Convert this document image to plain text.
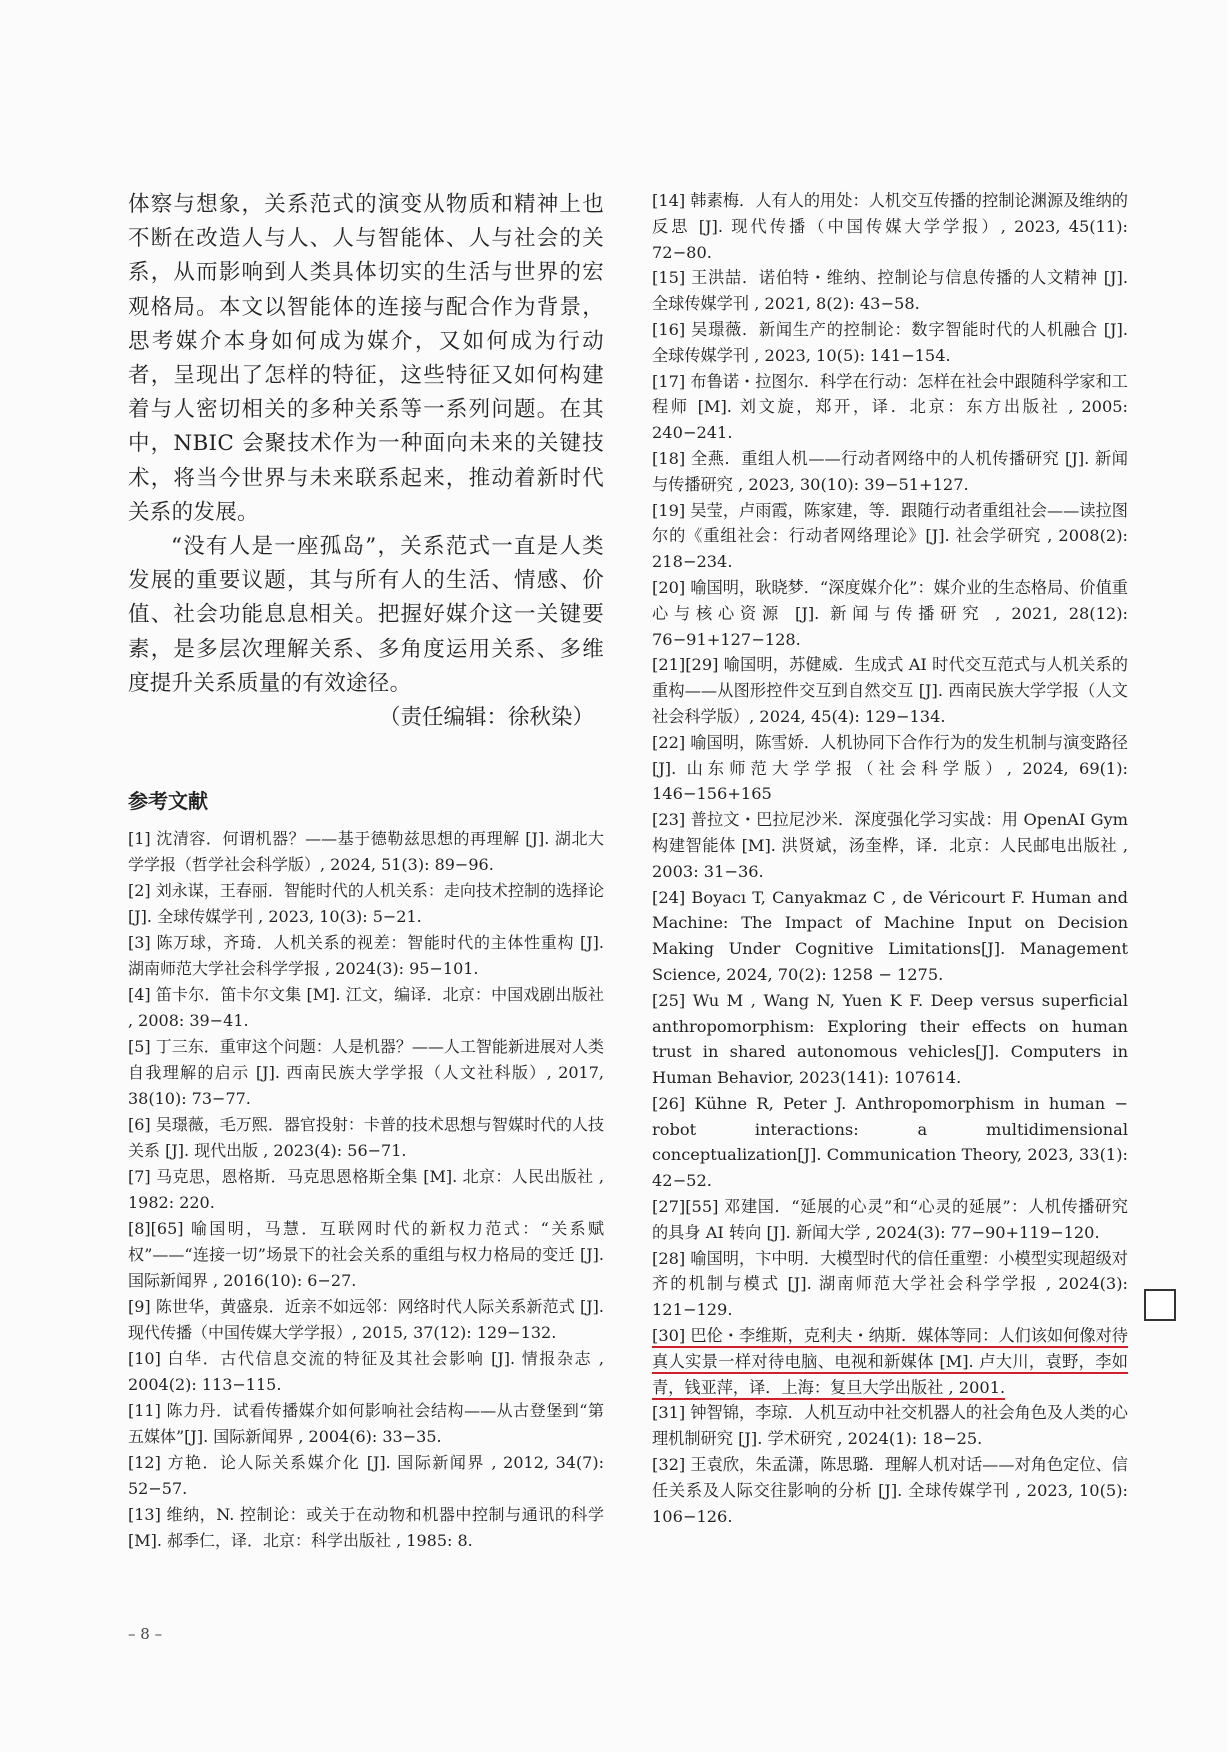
体察与想象，关系范式的演变从物质和精神上也不断在改造人与人、人与智能体、人与社会的关系，从而影响到人类具体切实的生活与世界的宏观格局。本文以智能体的连接与配合作为背景，思考媒介本身如何成为媒介，又如何成为行动者，呈现出了怎样的特征，这些特征又如何构建着与人密切相关的多种关系等一系列问题。在其中，NBIC 会聚技术作为一种面向未来的关键技术，将当今世界与未来联系起来，推动着新时代关系的发展。

“没有人是一座孤岛”，关系范式一直是人类发展的重要议题，其与所有人的生活、情感、价值、社会功能息息相关。把握好媒介这一关键要素，是多层次理解关系、多角度运用关系、多维度提升关系质量的有效途径。

（责任编辑：徐秋染）

参考文献

[1] 沈清容．何谓机器？——基于德勒兹思想的再理解 [J]. 湖北大学学报（哲学社会科学版）, 2024, 51(3): 89−96.

[2] 刘永谋，王春丽．智能时代的人机关系：走向技术控制的选择论 [J]. 全球传媒学刊 , 2023, 10(3): 5−21.

[3] 陈万球，齐琦．人机关系的视差：智能时代的主体性重构 [J]. 湖南师范大学社会科学学报 , 2024(3): 95−101.

[4] 笛卡尔．笛卡尔文集 [M]. 江文，编译．北京：中国戏剧出版社 , 2008: 39−41.

[5] 丁三东．重审这个问题：人是机器？——人工智能新进展对人类自我理解的启示 [J]. 西南民族大学学报（人文社科版）, 2017, 38(10): 73−77.

[6] 吴璟薇，毛万熙．器官投射：卡普的技术思想与智媒时代的人技关系 [J]. 现代出版 , 2023(4): 56−71.

[7] 马克思，恩格斯．马克思恩格斯全集 [M]. 北京：人民出版社 , 1982: 220.

[8][65] 喻国明，马慧．互联网时代的新权力范式：“关系赋权”——“连接一切”场景下的社会关系的重组与权力格局的变迁 [J]. 国际新闻界 , 2016(10): 6−27.

[9] 陈世华，黄盛泉．近亲不如远邻：网络时代人际关系新范式 [J]. 现代传播（中国传媒大学学报）, 2015, 37(12): 129−132.

[10] 白华．古代信息交流的特征及其社会影响 [J]. 情报杂志 , 2004(2): 113−115.

[11] 陈力丹．试看传播媒介如何影响社会结构——从古登堡到“第五媒体”[J]. 国际新闻界 , 2004(6): 33−35.

[12] 方艳．论人际关系媒介化 [J]. 国际新闻界 , 2012, 34(7): 52−57.

[13] 维纳，N. 控制论：或关于在动物和机器中控制与通讯的科学 [M]. 郝季仁，译．北京：科学出版社 , 1985: 8.

[14] 韩素梅．人有人的用处：人机交互传播的控制论渊源及维纳的反思 [J]. 现代传播（中国传媒大学学报）, 2023, 45(11): 72−80.

[15] 王洪喆．诺伯特・维纳、控制论与信息传播的人文精神 [J]. 全球传媒学刊 , 2021, 8(2): 43−58.

[16] 吴璟薇．新闻生产的控制论：数字智能时代的人机融合 [J]. 全球传媒学刊 , 2023, 10(5): 141−154.

[17] 布鲁诺・拉图尔．科学在行动：怎样在社会中跟随科学家和工程师 [M]. 刘文旋，郑开，译．北京：东方出版社 , 2005: 240−241.

[18] 全燕．重组人机——行动者网络中的人机传播研究 [J]. 新闻与传播研究 , 2023, 30(10): 39−51+127.

[19] 吴莹，卢雨霞，陈家建，等．跟随行动者重组社会——读拉图尔的《重组社会：行动者网络理论》[J]. 社会学研究 , 2008(2): 218−234.

[20] 喻国明，耿晓梦．“深度媒介化”：媒介业的生态格局、价值重心与核心资源 [J]. 新闻与传播研究 , 2021, 28(12): 76−91+127−128.

[21][29] 喻国明，苏健威．生成式 AI 时代交互范式与人机关系的重构——从图形控件交互到自然交互 [J]. 西南民族大学学报（人文社会科学版）, 2024, 45(4): 129−134.

[22] 喻国明，陈雪娇．人机协同下合作行为的发生机制与演变路径 [J]. 山东师范大学学报（社会科学版）, 2024, 69(1): 146−156+165

[23] 普拉文・巴拉尼沙米．深度强化学习实战：用 OpenAI Gym 构建智能体 [M]. 洪贤斌，汤奎桦，译．北京：人民邮电出版社 , 2003: 31−36.

[24] Boyacı T, Canyakmaz C , de Véricourt F. Human and Machine: The Impact of Machine Input on Decision Making Under Cognitive Limitations[J]. Management Science, 2024, 70(2): 1258 − 1275.

[25] Wu M , Wang N, Yuen K F. Deep versus superficial anthropomorphism: Exploring their effects on human trust in shared autonomous vehicles[J]. Computers in Human Behavior, 2023(141): 107614.

[26] Kühne R, Peter J. Anthropomorphism in human − robot interactions: a multidimensional conceptualization[J]. Communication Theory, 2023, 33(1): 42−52.

[27][55] 邓建国．“延展的心灵”和“心灵的延展”：人机传播研究的具身 AI 转向 [J]. 新闻大学 , 2024(3): 77−90+119−120.

[28] 喻国明，卞中明．大模型时代的信任重塑：小模型实现超级对齐的机制与模式 [J]. 湖南师范大学社会科学学报 , 2024(3): 121−129.

[30] 巴伦・李维斯，克利夫・纳斯．媒体等同：人们该如何像对待真人实景一样对待电脑、电视和新媒体 [M]. 卢大川，袁野，李如青，钱亚萍，译．上海：复旦大学出版社 , 2001.

[31] 钟智锦，李琼．人机互动中社交机器人的社会角色及人类的心理机制研究 [J]. 学术研究 , 2024(1): 18−25.

[32] 王袁欣，朱孟潇，陈思璐．理解人机对话——对角色定位、信任关系及人际交往影响的分析 [J]. 全球传媒学刊 , 2023, 10(5): 106−126.

– 8 –
